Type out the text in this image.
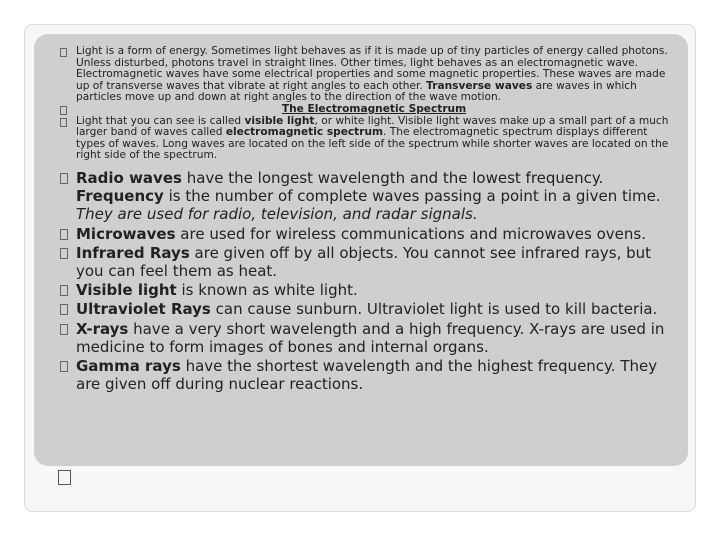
Light is a form of energy. Sometimes light behaves as if it is made up of tiny particles of energy called photons. Unless disturbed, photons travel in straight lines. Other times, light behaves as an electromagnetic wave. Electromagnetic waves have some electrical properties and some magnetic properties. These waves are made up of transverse waves that vibrate at right angles to each other. Transverse waves are waves in which particles move up and down at right angles to the direction of the wave motion.
The Electromagnetic Spectrum
Light that you can see is called visible light, or white light. Visible light waves make up a small part of a much larger band of waves called electromagnetic spectrum. The electromagnetic spectrum displays different types of waves. Long waves are located on the left side of the spectrum while shorter waves are located on the right side of the spectrum.
Radio waves have the longest wavelength and the lowest frequency. Frequency is the number of complete waves passing a point in a given time. They are used for radio, television, and radar signals.
Microwaves are used for wireless communications and microwaves ovens.
Infrared Rays are given off by all objects. You cannot see infrared rays, but you can feel them as heat.
Visible light is known as white light.
Ultraviolet Rays can cause sunburn. Ultraviolet light is used to kill bacteria.
X-rays have a very short wavelength and a high frequency. X-rays are used in medicine to form images of bones and internal organs.
Gamma rays have the shortest wavelength and the highest frequency. They are given off during nuclear reactions.
